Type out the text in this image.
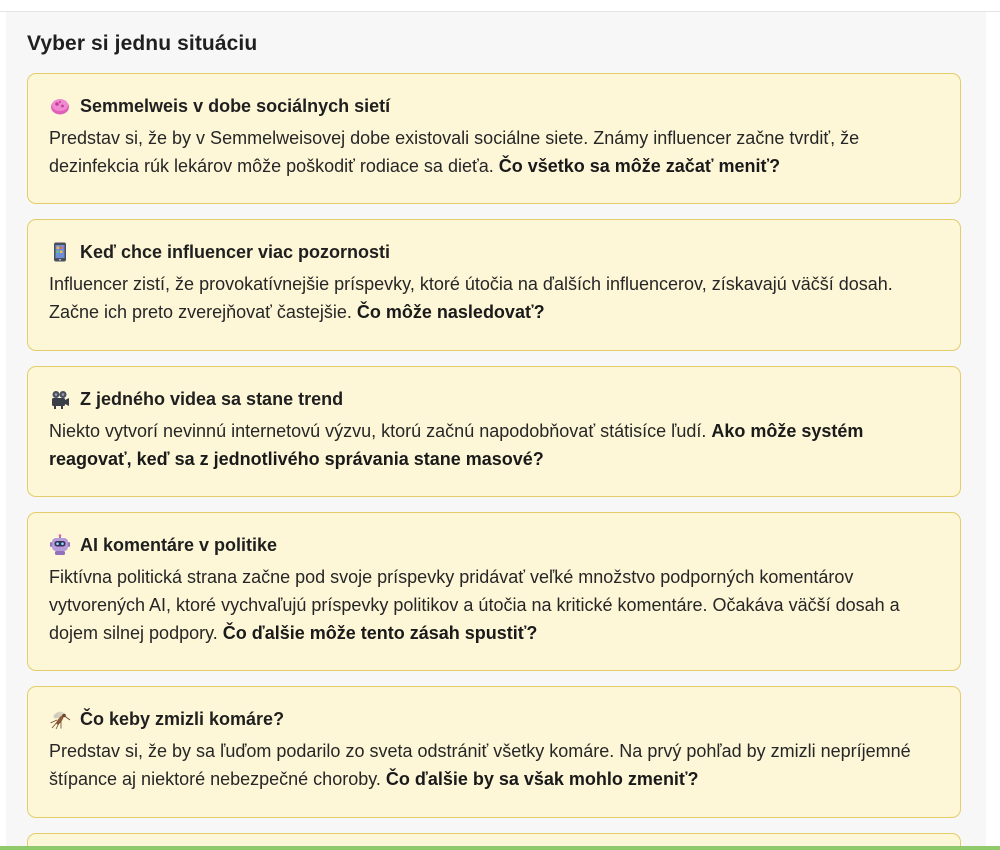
Vyber si jednu situáciu
Semmelweis v dobe sociálnych sietí

Predstav si, že by v Semmelweisovej dobe existovali sociálne siete. Známy influencer začne tvrdiť, že dezinfekcia rúk lekárov môže poškodiť rodiace sa dieťa. Čo všetko sa môže začať meniť?

Keď chce influencer viac pozornosti

Influencer zistí, že provokatívnejšie príspevky, ktoré útočia na ďalších influencerov, získavajú väčší dosah. Začne ich preto zverejňovať častejšie. Čo môže nasledovať?

Z jedného videa sa stane trend

Niekto vytvorí nevinnú internetovú výzvu, ktorú začnú napodobňovať státisíce ľudí. Ako môže systém reagovať, keď sa z jednotlivého správania stane masové?

AI komentáre v politike

Fiktívna politická strana začne pod svoje príspevky pridávať veľké množstvo podporných komentárov vytvorených AI, ktoré vychvaľujú príspevky politikov a útočia na kritické komentáre. Očakáva väčší dosah a dojem silnej podpory. Čo ďalšie môže tento zásah spustiť?

Čo keby zmizli komáre?

Predstav si, že by sa ľuďom podarilo zo sveta odstrániť všetky komáre. Na prvý pohľad by zmizli nepríjemné štípance aj niektoré nebezpečné choroby. Čo ďalšie by sa však mohlo zmeniť?
